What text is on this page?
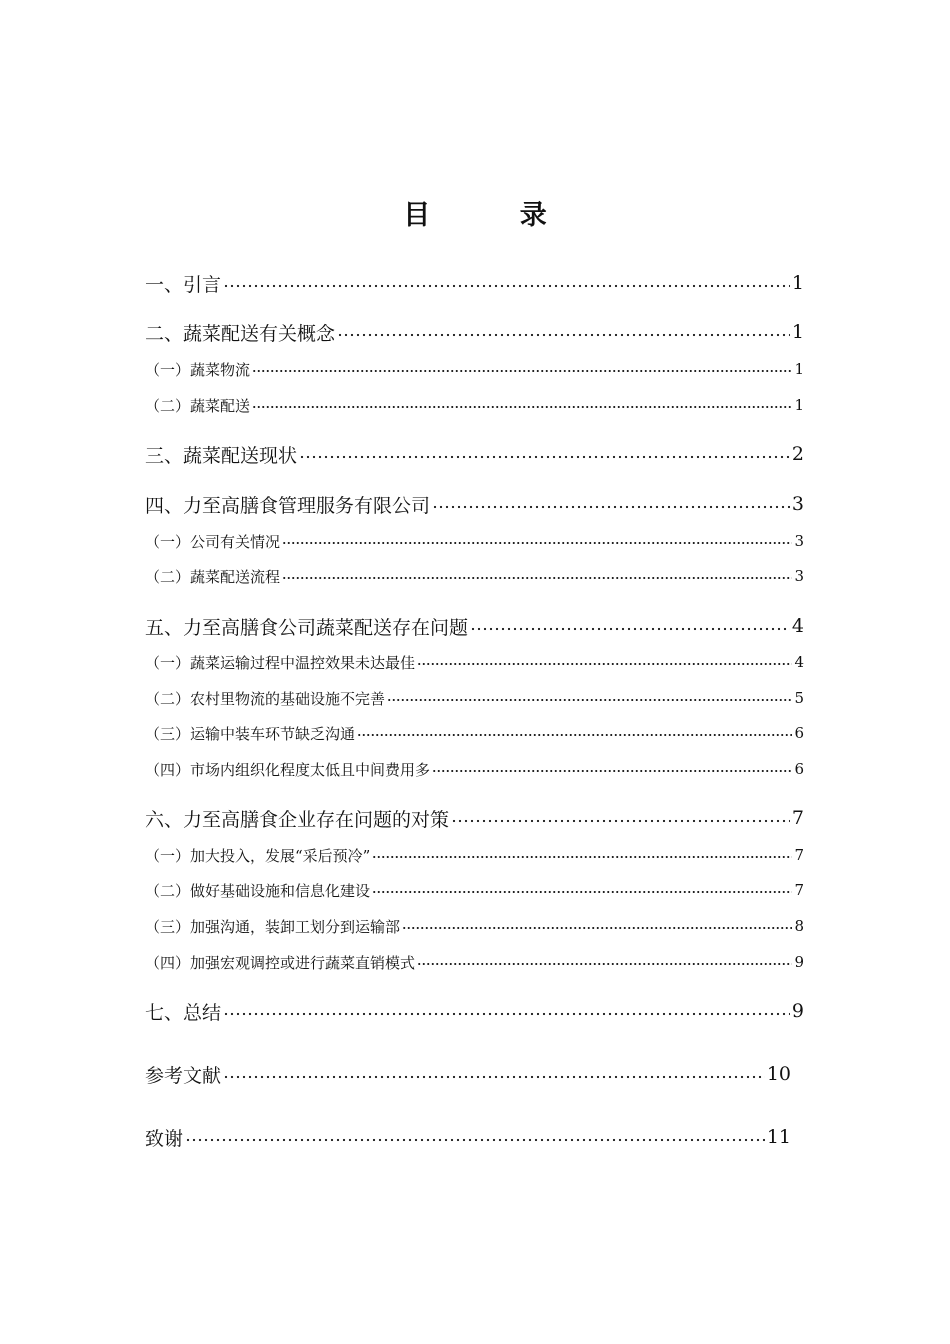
目 录
一、引言	1
二、蔬菜配送有关概念	1
（一）蔬菜物流	1
（二）蔬菜配送	1
三、蔬菜配送现状	2
四、力至高膳食管理服务有限公司	3
（一）公司有关情况	3
（二）蔬菜配送流程	3
五、力至高膳食公司蔬菜配送存在问题	4
（一）蔬菜运输过程中温控效果未达最佳	4
（二）农村里物流的基础设施不完善	5
（三）运输中装车环节缺乏沟通	6
（四）市场内组织化程度太低且中间费用多	6
六、力至高膳食企业存在问题的对策	7
（一）加大投入，发展“采后预冷”	7
（二）做好基础设施和信息化建设	7
（三）加强沟通，装卸工划分到运输部	8
（四）加强宏观调控或进行蔬菜直销模式	9
七、总结	9
参考文献	10
致谢	11
